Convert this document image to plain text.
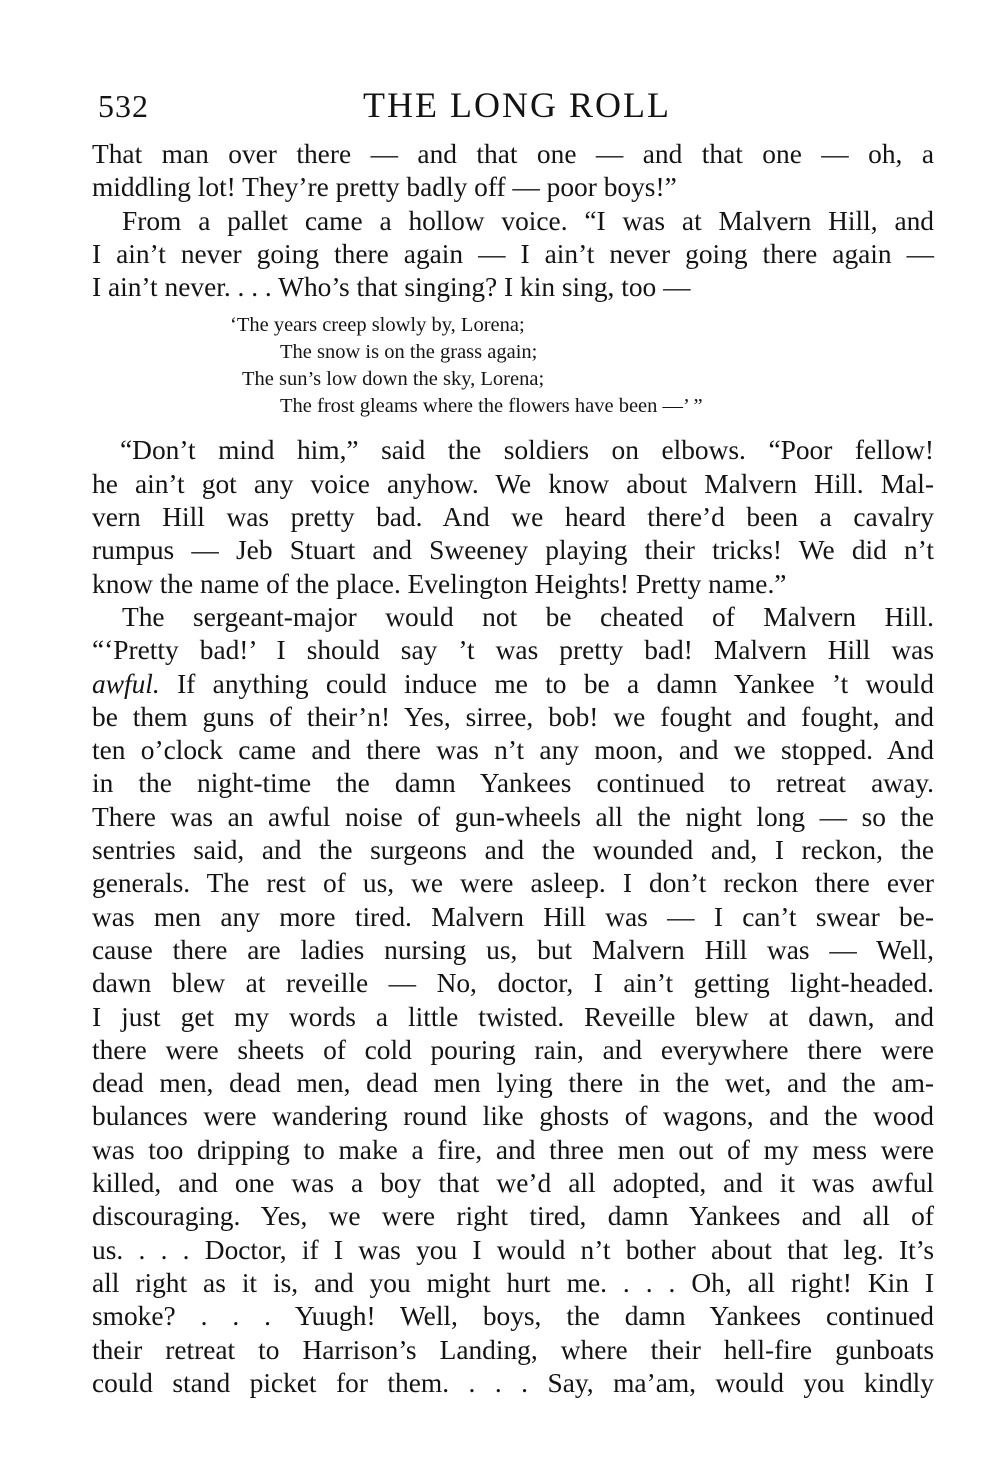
532	THE LONG ROLL

That man over there — and that one — and that one — oh, a
middling lot! They’re pretty badly off — poor boys!”

From a pallet came a hollow voice. “I was at Malvern Hill, and
I ain’t never going there again — I ain’t never going there again —
I ain’t never. . . . Who’s that singing? I kin sing, too —

‘The years creep slowly by, Lorena;
The snow is on the grass again;
The sun’s low down the sky, Lorena;
The frost gleams where the flowers have been —’ ”

“Don’t mind him,” said the soldiers on elbows. “Poor fellow!
he ain’t got any voice anyhow. We know about Malvern Hill. Mal-
vern Hill was pretty bad. And we heard there’d been a cavalry
rumpus — Jeb Stuart and Sweeney playing their tricks! We did n’t
know the name of the place. Evelington Heights! Pretty name.”

The sergeant-major would not be cheated of Malvern Hill.
“‘Pretty bad!’ I should say ’t was pretty bad! Malvern Hill was
awful. If anything could induce me to be a damn Yankee ’t would
be them guns of their’n! Yes, sirree, bob! we fought and fought, and
ten o’clock came and there was n’t any moon, and we stopped. And
in the night-time the damn Yankees continued to retreat away.
There was an awful noise of gun-wheels all the night long — so the
sentries said, and the surgeons and the wounded and, I reckon, the
generals. The rest of us, we were asleep. I don’t reckon there ever
was men any more tired. Malvern Hill was — I can’t swear be-
cause there are ladies nursing us, but Malvern Hill was — Well,
dawn blew at reveille — No, doctor, I ain’t getting light-headed.
I just get my words a little twisted. Reveille blew at dawn, and
there were sheets of cold pouring rain, and everywhere there were
dead men, dead men, dead men lying there in the wet, and the am-
bulances were wandering round like ghosts of wagons, and the wood
was too dripping to make a fire, and three men out of my mess were
killed, and one was a boy that we’d all adopted, and it was awful
discouraging. Yes, we were right tired, damn Yankees and all of
us. . . . Doctor, if I was you I would n’t bother about that leg. It’s
all right as it is, and you might hurt me. . . . Oh, all right! Kin I
smoke? . . . Yuugh! Well, boys, the damn Yankees continued
their retreat to Harrison’s Landing, where their hell-fire gunboats
could stand picket for them. . . . Say, ma’am, would you kindly
